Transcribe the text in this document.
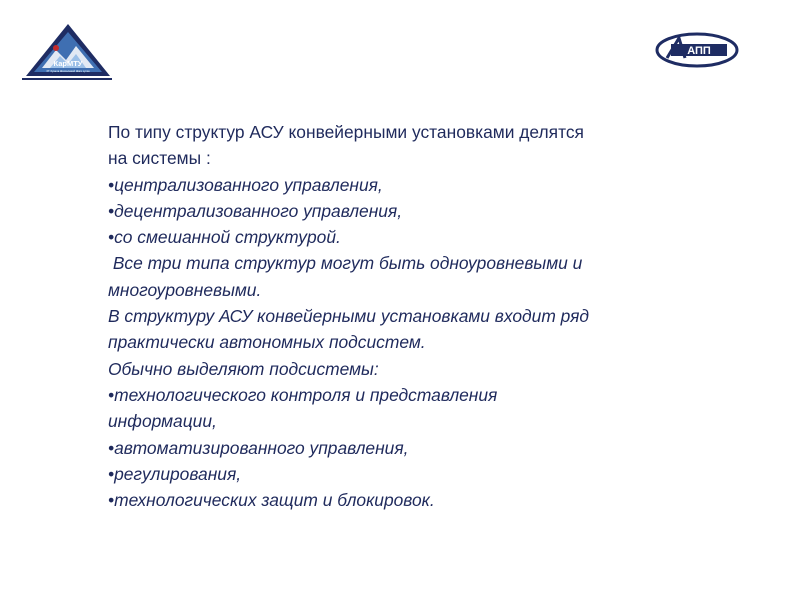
КарМТУ
ХТ Хуннла Шахзалюкей Шаги хулян
АПП
По типу структур АСУ конвейерными установками делятся
на системы :
•централизованного управления,
•децентрализованного управления,
•со смешанной структурой.
Все три типа структур могут быть одноуровневыми и
многоуровневыми.
В структуру АСУ конвейерными установками входит ряд
практически автономных подсистем.
Обычно выделяют подсистемы:
•технологического контроля и представления
информации,
•автоматизированного управления,
•регулирования,
•технологических защит и блокировок.
